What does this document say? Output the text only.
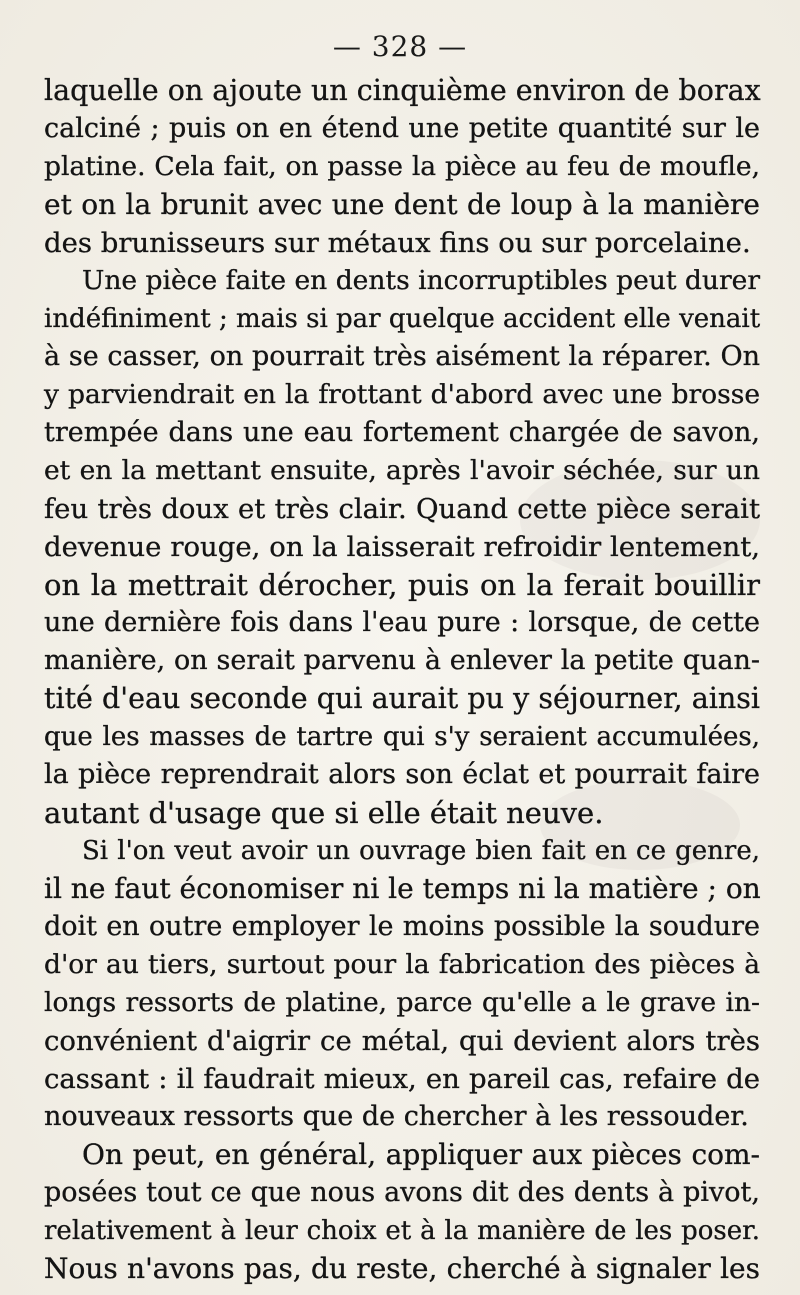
— 328 —
laquelle on ajoute un cinquième environ de borax
calciné ; puis on en étend une petite quantité sur le
platine. Cela fait, on passe la pièce au feu de moufle,
et on la brunit avec une dent de loup à la manière
des brunisseurs sur métaux fins ou sur porcelaine.
Une pièce faite en dents incorruptibles peut durer
indéfiniment ; mais si par quelque accident elle venait
à se casser, on pourrait très aisément la réparer. On
y parviendrait en la frottant d'abord avec une brosse
trempée dans une eau fortement chargée de savon,
et en la mettant ensuite, après l'avoir séchée, sur un
feu très doux et très clair. Quand cette pièce serait
devenue rouge, on la laisserait refroidir lentement,
on la mettrait dérocher, puis on la ferait bouillir
une dernière fois dans l'eau pure : lorsque, de cette
manière, on serait parvenu à enlever la petite quan-
tité d'eau seconde qui aurait pu y séjourner, ainsi
que les masses de tartre qui s'y seraient accumulées,
la pièce reprendrait alors son éclat et pourrait faire
autant d'usage que si elle était neuve.
Si l'on veut avoir un ouvrage bien fait en ce genre,
il ne faut économiser ni le temps ni la matière ; on
doit en outre employer le moins possible la soudure
d'or au tiers, surtout pour la fabrication des pièces à
longs ressorts de platine, parce qu'elle a le grave in-
convénient d'aigrir ce métal, qui devient alors très
cassant : il faudrait mieux, en pareil cas, refaire de
nouveaux ressorts que de chercher à les ressouder.
On peut, en général, appliquer aux pièces com-
posées tout ce que nous avons dit des dents à pivot,
relativement à leur choix et à la manière de les poser.
Nous n'avons pas, du reste, cherché à signaler les
